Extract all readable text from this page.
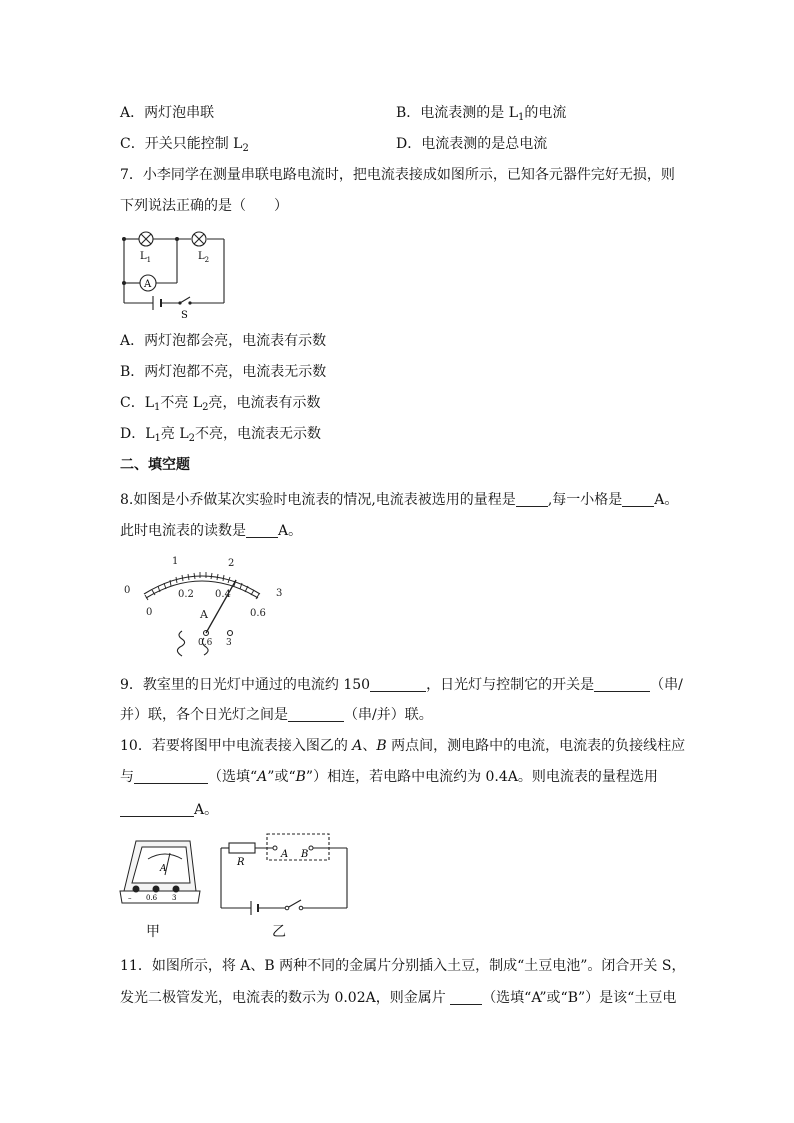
A．两灯泡串联	B．电流表测的是 $L_1$的电流
C．开关只能控制 $L_2$	D．电流表测的是总电流
7．小李同学在测量串联电路电流时，把电流表接成如图所示，已知各元器件完好无损，则
下列说法正确的是（　　）
$L_1$	$L_2$
A
S
A．两灯泡都会亮，电流表有示数
B．两灯泡都不亮，电流表无示数
C．$L_1$不亮 $L_2$亮，电流表有示数
D．$L_1$亮 $L_2$不亮，电流表无示数
二、填空题
8.如图是小乔做某次实验时电流表的情况,电流表被选用的量程是 ,每一小格是 A。
此时电流表的读数是 A。
0
1	2
3
0
0.2 0.4
0.6
A
0.6 3
9．教室里的日光灯中通过的电流约 150	，日光灯与控制它的开关是	（串/
并）联，各个日光灯之间是	（串/并）联。
10．若要将图甲中电流表接入图乙的 A、B 两点间，测电路中的电流，电流表的负接线柱应
与	（选填“A”或“B”）相连，若电路中电流约为 0.4A。则电流表的量程选用
A。
A
– 0.6 3
R
A B
甲	乙
11．如图所示，将 A、B 两种不同的金属片分别插入土豆，制成“土豆电池”。闭合开关 S，
发光二极管发光，电流表的数示为 0.02A，则金属片 （选填“A”或“B”）是该“土豆电
